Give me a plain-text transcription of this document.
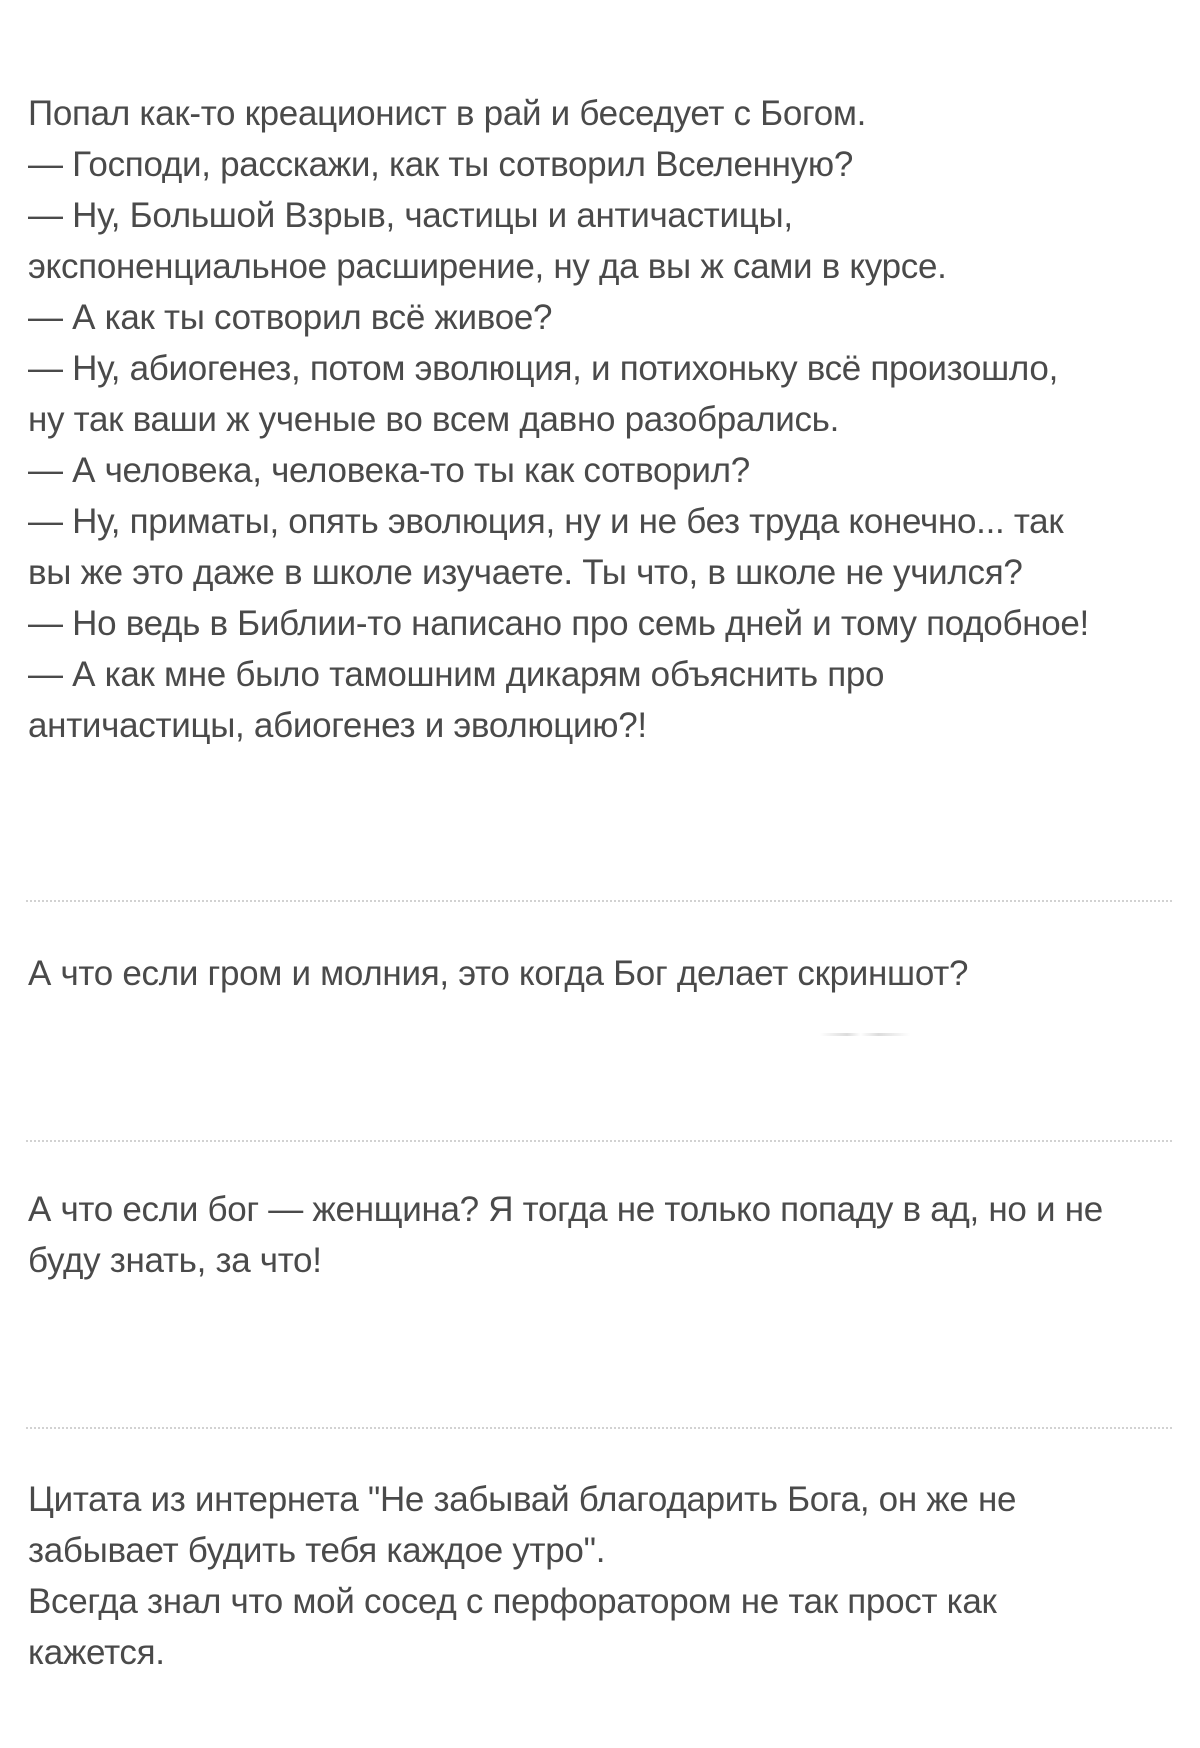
Попал как-то креационист в рай и беседует с Богом.
— Господи, расскажи, как ты сотворил Вселенную?
— Ну, Большой Взрыв, частицы и античастицы,
экспоненциальное расширение, ну да вы ж сами в курсе.
— А как ты сотворил всё живое?
— Ну, абиогенез, потом эволюция, и потихоньку всё произошло,
ну так ваши ж ученые во всем давно разобрались.
— А человека, человека-то ты как сотворил?
— Ну, приматы, опять эволюция, ну и не без труда конечно... так
вы же это даже в школе изучаете. Ты что, в школе не учился?
— Но ведь в Библии-то написано про семь дней и тому подобное!
— А как мне было тамошним дикарям объяснить про
античастицы, абиогенез и эволюцию?!
А что если гром и молния, это когда Бог делает скриншот?
А что если бог — женщина? Я тогда не только попаду в ад, но и не
буду знать, за что!
Цитата из интернета "Не забывай благодарить Бога, он же не
забывает будить тебя каждое утро".
Всегда знал что мой сосед с перфоратором не так прост как
кажется.
